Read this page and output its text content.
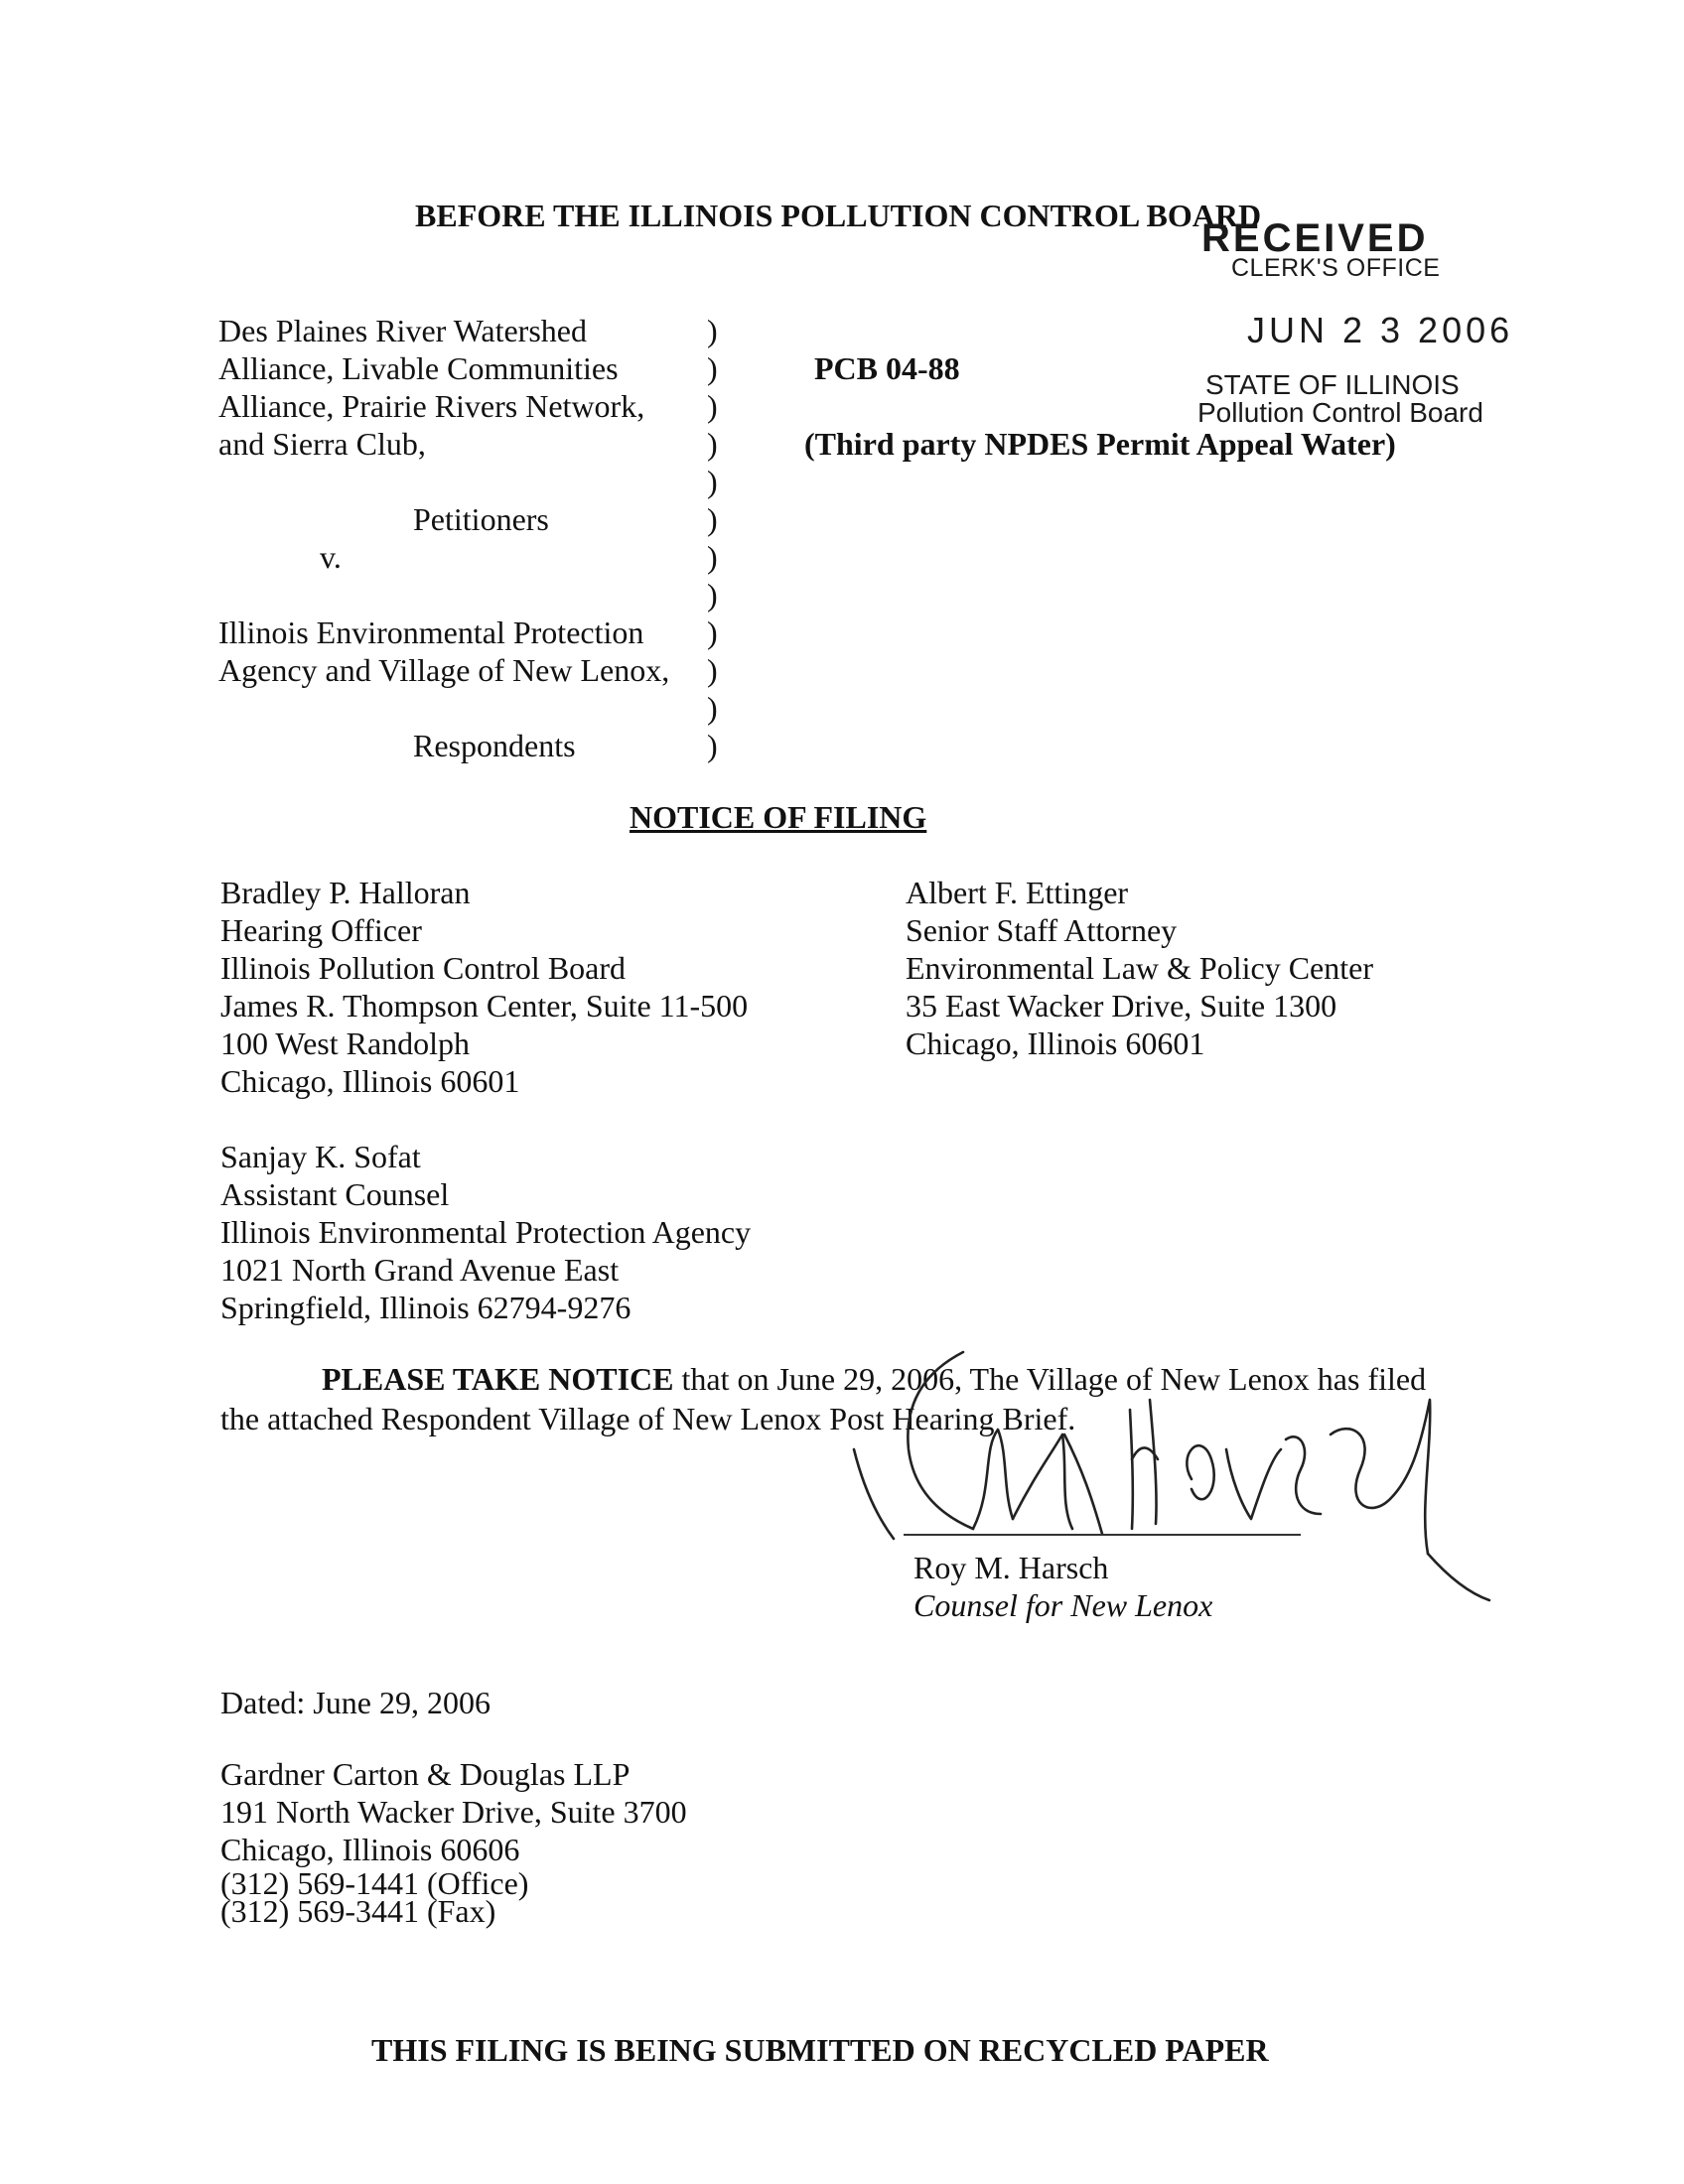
BEFORE THE ILLINOIS POLLUTION CONTROL BOARD
RECEIVED
CLERK'S OFFICE
JUN 2 3 2006
STATE OF ILLINOIS
Pollution Control Board
Des Plaines River Watershed
Alliance, Livable Communities
Alliance, Prairie Rivers Network,
and Sierra Club,
Petitioners
v.
Illinois Environmental Protection
Agency and Village of New Lenox,
Respondents
)
)
)
)
)
)
)
)
)
)
)
)
PCB 04-88
(Third party NPDES Permit Appeal Water)
NOTICE OF FILING
Bradley P. Halloran
Hearing Officer
Illinois Pollution Control Board
James R. Thompson Center, Suite 11-500
100 West Randolph
Chicago, Illinois 60601
Albert F. Ettinger
Senior Staff Attorney
Environmental Law & Policy Center
35 East Wacker Drive, Suite 1300
Chicago, Illinois 60601
Sanjay K. Sofat
Assistant Counsel
Illinois Environmental Protection Agency
1021 North Grand Avenue East
Springfield, Illinois 62794-9276
PLEASE TAKE NOTICE that on June 29, 2006, The Village of New Lenox has filed
the attached Respondent Village of New Lenox Post Hearing Brief.
Roy M. Harsch
Counsel for New Lenox
Dated: June 29, 2006
Gardner Carton & Douglas LLP
191 North Wacker Drive, Suite 3700
Chicago, Illinois 60606
(312) 569-1441 (Office)
(312) 569-3441 (Fax)
THIS FILING IS BEING SUBMITTED ON RECYCLED PAPER
